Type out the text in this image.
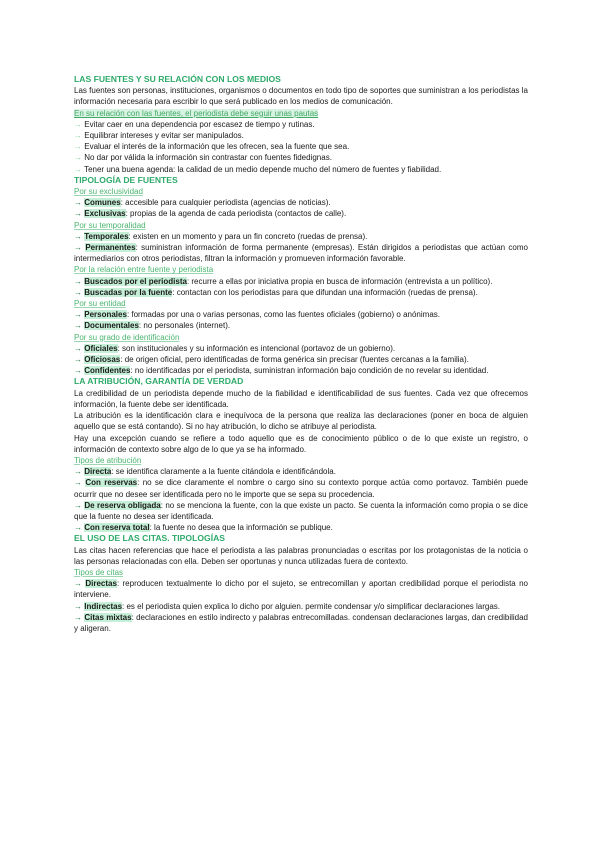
LAS FUENTES Y SU RELACIÓN CON LOS MEDIOS
Las fuentes son personas, instituciones, organismos o documentos en todo tipo de soportes que suministran a los periodistas la información necesaria para escribir lo que será publicado en los medios de comunicación.
En su relación con las fuentes, el periodista debe seguir unas pautas
→ Evitar caer en una dependencia por escasez de tiempo y rutinas.
→ Equilibrar intereses y evitar ser manipulados.
→ Evaluar el interés de la información que les ofrecen, sea la fuente que sea.
→ No dar por válida la información sin contrastar con fuentes fidedignas.
→ Tener una buena agenda: la calidad de un medio depende mucho del número de fuentes y fiabilidad.
TIPOLOGÍA DE FUENTES
Por su exclusividad
→ Comunes: accesible para cualquier periodista (agencias de noticias).
→ Exclusivas: propias de la agenda de cada periodista (contactos de calle).
Por su temporalidad
→ Temporales: existen en un momento y para un fin concreto (ruedas de prensa).
→ Permanentes: suministran información de forma permanente (empresas). Están dirigidos a periodistas que actúan como intermediarios con otros periodistas, filtran la información y promueven información favorable.
Por la relación entre fuente y periodista
→ Buscados por el periodista: recurre a ellas por iniciativa propia en busca de información (entrevista a un político).
→ Buscadas por la fuente: contactan con los periodistas para que difundan una información (ruedas de prensa).
Por su entidad
→ Personales: formadas por una o varias personas, como las fuentes oficiales (gobierno) o anónimas.
→ Documentales: no personales (internet).
Por su grado de identificación
→ Oficiales: son institucionales y su información es intencional (portavoz de un gobierno).
→ Oficiosas: de origen oficial, pero identificadas de forma genérica sin precisar (fuentes cercanas a la familia).
→ Confidentes: no identificadas por el periodista, suministran información bajo condición de no revelar su identidad.
LA ATRIBUCIÓN, GARANTÍA DE VERDAD
La credibilidad de un periodista depende mucho de la fiabilidad e identificabilidad de sus fuentes. Cada vez que ofrecemos información, la fuente debe ser identificada.
La atribución es la identificación clara e inequívoca de la persona que realiza las declaraciones (poner en boca de alguien aquello que se está contando). Si no hay atribución, lo dicho se atribuye al periodista.
Hay una excepción cuando se refiere a todo aquello que es de conocimiento público o de lo que existe un registro, o información de contexto sobre algo de lo que ya se ha informado.
Tipos de atribución
→ Directa: se identifica claramente a la fuente citándola e identificándola.
→ Con reservas: no se dice claramente el nombre o cargo sino su contexto porque actúa como portavoz. También puede ocurrir que no desee ser identificada pero no le importe que se sepa su procedencia.
→ De reserva obligada: no se menciona la fuente, con la que existe un pacto. Se cuenta la información como propia o se dice que la fuente no desea ser identificada.
→ Con reserva total: la fuente no desea que la información se publique.
EL USO DE LAS CITAS. TIPOLOGÍAS
Las citas hacen referencias que hace el periodista a las palabras pronunciadas o escritas por los protagonistas de la noticia o las personas relacionadas con ella. Deben ser oportunas y nunca utilizadas fuera de contexto.
Tipos de citas
→ Directas: reproducen textualmente lo dicho por el sujeto, se entrecomillan y aportan credibilidad porque el periodista no interviene.
→ Indirectas: es el periodista quien explica lo dicho por alguien. permite condensar y/o simplificar declaraciones largas.
→ Citas mixtas: declaraciones en estilo indirecto y palabras entrecomilladas. condensan declaraciones largas, dan credibilidad y aligeran.
